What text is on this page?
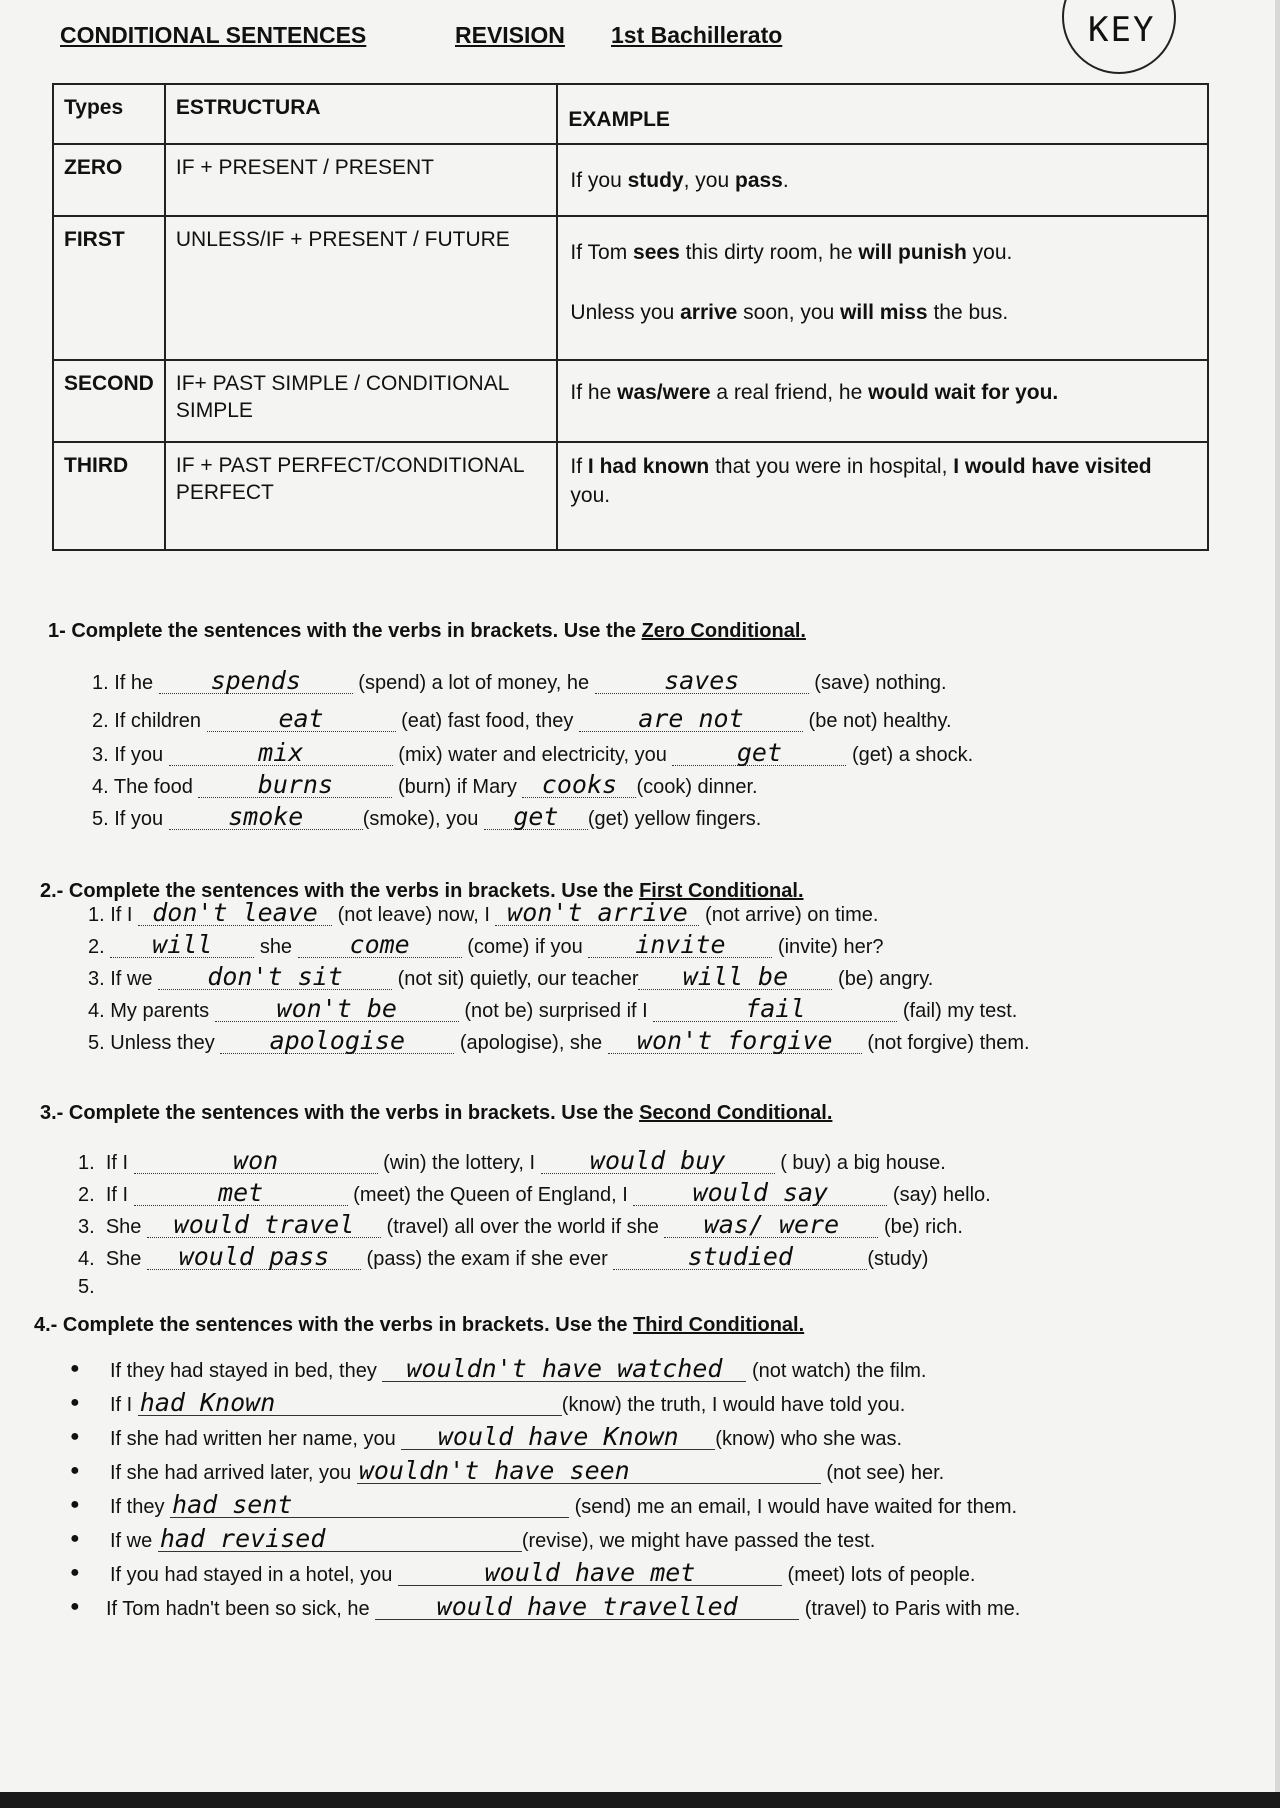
CONDITIONAL SENTENCES	REVISION 1st Bachillerato	KEY
Types	ESTRUCTURA	EXAMPLE

ZERO	IF + PRESENT / PRESENT	If you study, you pass.

FIRST	UNLESS/IF + PRESENT / FUTURE	If Tom sees this dirty room, he will punish you.
Unless you arrive soon, you will miss the bus.

SECOND	IF+ PAST SIMPLE / CONDITIONAL SIMPLE	If he was/were a real friend, he would wait for you.

THIRD	IF + PAST PERFECT/CONDITIONAL PERFECT	If I had known that you were in hospital, I would have visited you.
1- Complete the sentences with the verbs in brackets. Use the Zero Conditional.
1. If he spends	(spend) a lot of money, he	saves	(save) nothing.
2. If children	eat	(eat) fast food, they	are not	(be not) healthy.
3. If you	mix	(mix) water and electricity, you	get	(get) a shock.
4. The food	burns	(burn) if Mary cooks (cook) dinner.
5. If you	smoke	(smoke), you get (get) yellow fingers.
2.- Complete the sentences with the verbs in brackets. Use the First Conditional.
1. If I don't leave (not leave) now, I won't arrive (not arrive) on time.
2. will she come	(come) if you invite	(invite) her?
3. If we don't sit	(not sit) quietly, our teacher will be (be) angry.
4. My parents	won't be	(not be) surprised if I	fail	(fail) my test.
5. Unless they apologise	(apologise), she won't forgive (not forgive) them.
3.- Complete the sentences with the verbs in brackets. Use the Second Conditional.
1. If I	won	(win) the lottery, I would buy	( buy) a big house.
2. If I	met	(meet) the Queen of England, I	would say	(say) hello.
3. She would travel (travel) all over the world if she was/ were (be) rich.
4. She would pass (pass) the exam if she ever	studied	(study)
5.
4.- Complete the sentences with the verbs in brackets. Use the Third Conditional.
● If they had stayed in bed, they wouldn't have watched (not watch) the film.
● If I had Known	(know) the truth, I would have told you.
● If she had written her name, you would have Known (know) who she was.
● If she had arrived later, you wouldn't have seen	(not see) her.
● If they had sent	(send) me an email, I would have waited for them.
● If we had revised	(revise), we might have passed the test.
● If you had stayed in a hotel, you	would have met	(meet) lots of people.
● If Tom hadn't been so sick, he	would have travelled	(travel) to Paris with me.
